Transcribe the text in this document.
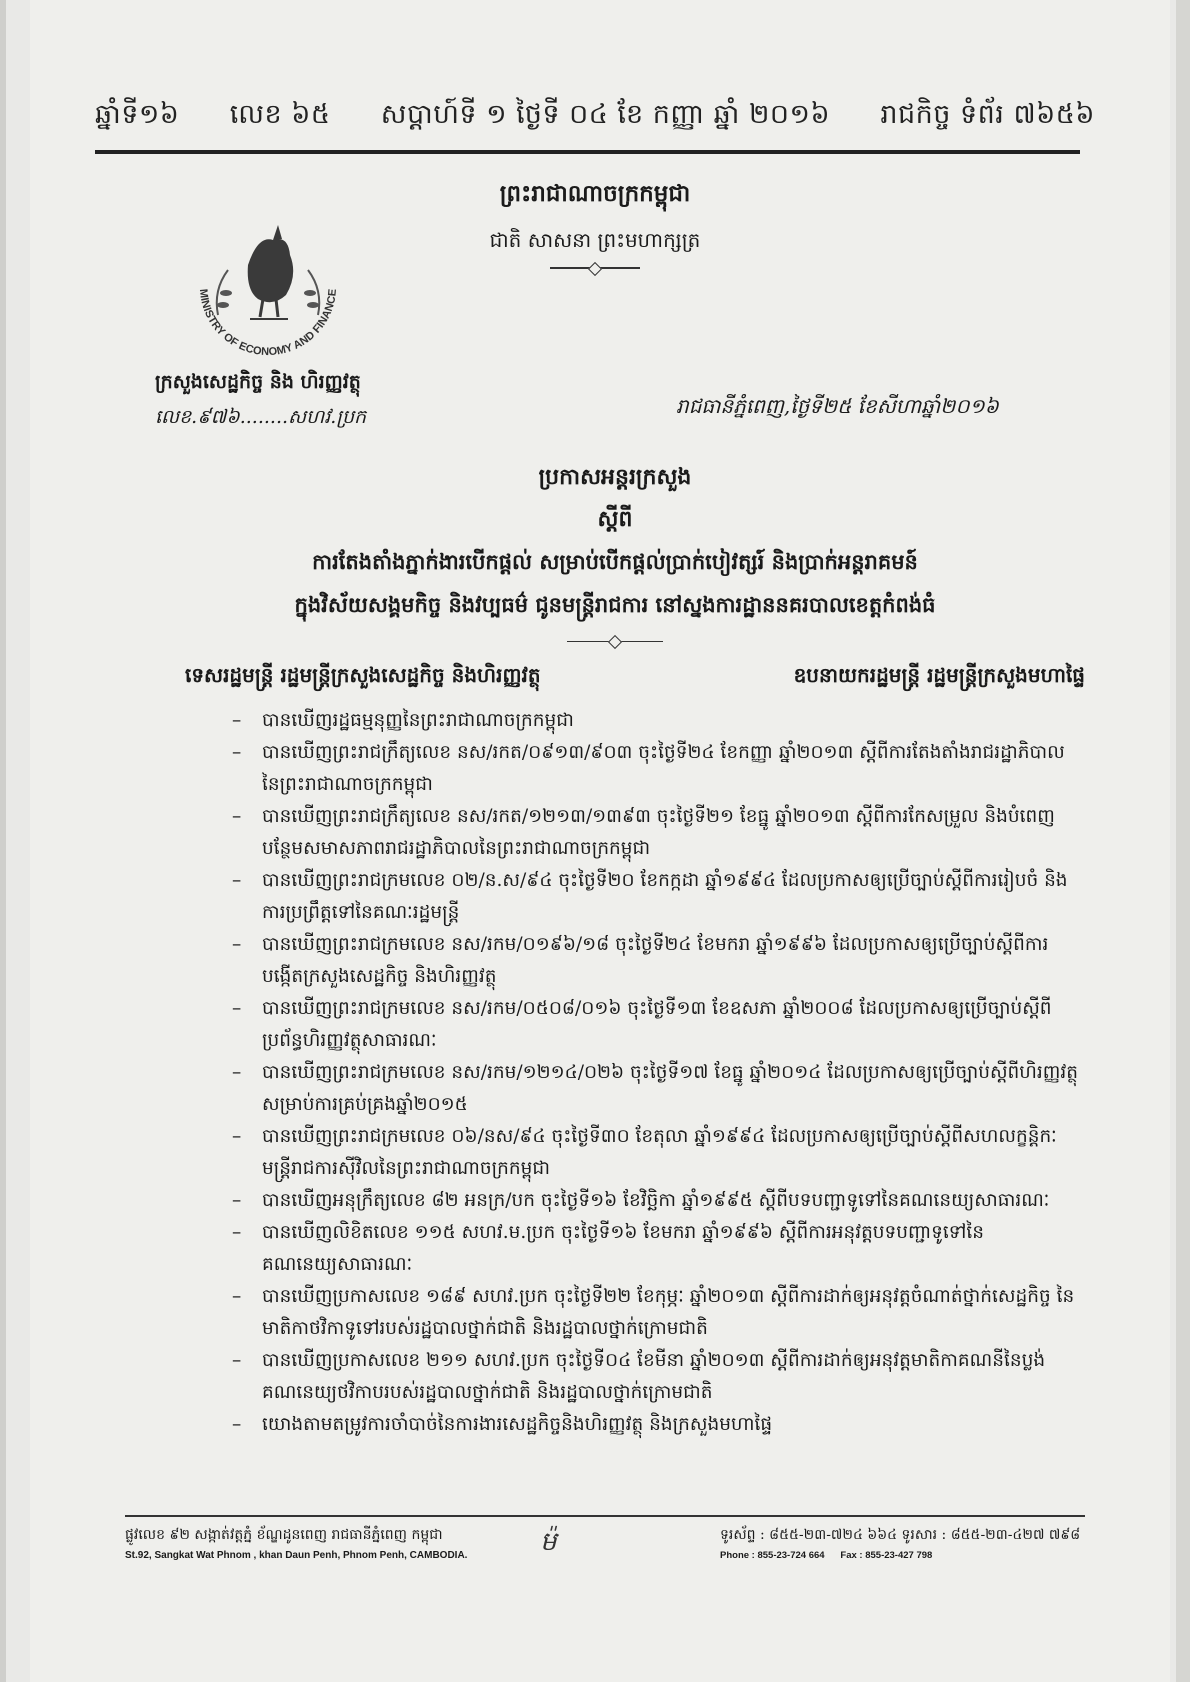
ឆ្នាំទី១៦ លេខ ៦៥ សប្តាហ៍ទី ១ ថ្ងៃទី ០៤ ខែ កញ្ញា ឆ្នាំ ២០១៦ រាជកិច្ច ទំព័រ ៧៦៥៦
ព្រះរាជាណាចក្រកម្ពុជា
ជាតិ សាសនា ព្រះមហាក្សត្រ
MINISTRY OF ECONOMY AND FINANCE
ក្រសួងសេដ្ឋកិច្ច និង ហិរញ្ញវត្ថុ
លេខ.៩៧៦........សហវ.ប្រក	រាជធានីភ្នំពេញ,ថ្ងៃទី២៥ ខែសីហាឆ្នាំ២០១៦
ប្រកាសអន្តរក្រសួង
ស្តីពី
ការតែងតាំងភ្នាក់ងារបើកផ្តល់ សម្រាប់បើកផ្តល់ប្រាក់បៀវត្សរ៍ និងប្រាក់អន្តរាគមន៍
ក្នុងវិស័យសង្គមកិច្ច និងវប្បធម៌ ជូនមន្ត្រីរាជការ នៅស្នងការដ្ឋាននគរបាលខេត្តកំពង់ធំ
ទេសរដ្ឋមន្ត្រី រដ្ឋមន្ត្រីក្រសួងសេដ្ឋកិច្ច និងហិរញ្ញវត្ថុ	ឧបនាយករដ្ឋមន្ត្រី រដ្ឋមន្ត្រីក្រសួងមហាផ្ទៃ
– បានឃើញរដ្ឋធម្មនុញ្ញនៃព្រះរាជាណាចក្រកម្ពុជា
– បានឃើញព្រះរាជក្រឹត្យលេខ នស/រកត/០៩១៣/៩០៣ ចុះថ្ងៃទី២៤ ខែកញ្ញា ឆ្នាំ២០១៣ ស្តីពីការតែងតាំងរាជរដ្ឋាភិបាល នៃព្រះរាជាណាចក្រកម្ពុជា
– បានឃើញព្រះរាជក្រឹត្យលេខ នស/រកត/១២១៣/១៣៩៣ ចុះថ្ងៃទី២១ ខែធ្នូ ឆ្នាំ២០១៣ ស្តីពីការកែសម្រួល និងបំពេញបន្ថែមសមាសភាពរាជរដ្ឋាភិបាលនៃព្រះរាជាណាចក្រកម្ពុជា
– បានឃើញព្រះរាជក្រមលេខ ០២/ន.ស/៩៤ ចុះថ្ងៃទី២០ ខែកក្កដា ឆ្នាំ១៩៩៤ ដែលប្រកាសឲ្យប្រើច្បាប់ស្តីពីការរៀបចំ និងការប្រព្រឹត្តទៅនៃគណៈរដ្ឋមន្ត្រី
– បានឃើញព្រះរាជក្រមលេខ នស/រកម/០១៩៦/១៨ ចុះថ្ងៃទី២៤ ខែមករា ឆ្នាំ១៩៩៦ ដែលប្រកាសឲ្យប្រើច្បាប់ស្តីពីការបង្កើតក្រសួងសេដ្ឋកិច្ច និងហិរញ្ញវត្ថុ
– បានឃើញព្រះរាជក្រមលេខ នស/រកម/០៥០៨/០១៦ ចុះថ្ងៃទី១៣ ខែឧសភា ឆ្នាំ២០០៨ ដែលប្រកាសឲ្យប្រើច្បាប់ស្តីពីប្រព័ន្ធហិរញ្ញវត្ថុសាធារណៈ
– បានឃើញព្រះរាជក្រមលេខ នស/រកម/១២១៤/០២៦ ចុះថ្ងៃទី១៧ ខែធ្នូ ឆ្នាំ២០១៤ ដែលប្រកាសឲ្យប្រើច្បាប់ស្តីពីហិរញ្ញវត្ថុសម្រាប់ការគ្រប់គ្រងឆ្នាំ២០១៥
– បានឃើញព្រះរាជក្រមលេខ ០៦/នស/៩៤ ចុះថ្ងៃទី៣០ ខែតុលា ឆ្នាំ១៩៩៤ ដែលប្រកាសឲ្យប្រើច្បាប់ស្តីពីសហលក្ខន្តិកៈ មន្ត្រីរាជការស៊ីវិលនៃព្រះរាជាណាចក្រកម្ពុជា
– បានឃើញអនុក្រឹត្យលេខ ៨២ អនក្រ/បក ចុះថ្ងៃទី១៦ ខែវិច្ឆិកា ឆ្នាំ១៩៩៥ ស្តីពីបទបញ្ជាទូទៅនៃគណនេយ្យសាធារណៈ
– បានឃើញលិខិតលេខ ១១៥ សហវ.ម.ប្រក ចុះថ្ងៃទី១៦ ខែមករា ឆ្នាំ១៩៩៦ ស្តីពីការអនុវត្តបទបញ្ជាទូទៅនៃគណនេយ្យសាធារណៈ
– បានឃើញប្រកាសលេខ ១៨៩ សហវ.ប្រក ចុះថ្ងៃទី២២ ខែកុម្ភៈ ឆ្នាំ២០១៣ ស្តីពីការដាក់ឲ្យអនុវត្តចំណាត់ថ្នាក់សេដ្ឋកិច្ច នៃមាតិកាថវិកាទូទៅរបស់រដ្ឋបាលថ្នាក់ជាតិ និងរដ្ឋបាលថ្នាក់ក្រោមជាតិ
– បានឃើញប្រកាសលេខ ២១១ សហវ.ប្រក ចុះថ្ងៃទី០៤ ខែមីនា ឆ្នាំ២០១៣ ស្តីពីការដាក់ឲ្យអនុវត្តមាតិកាគណនីនៃប្លង់គណនេយ្យថវិកាបរបស់រដ្ឋបាលថ្នាក់ជាតិ និងរដ្ឋបាលថ្នាក់ក្រោមជាតិ
– យោងតាមតម្រូវការចាំបាច់នៃការងារសេដ្ឋកិច្ចនិងហិរញ្ញវត្ថុ និងក្រសួងមហាផ្ទៃ
ផ្លូវលេខ ៩២ សង្កាត់វត្តភ្នំ ខ័ណ្ឌដូនពេញ រាជធានីភ្នំពេញ កម្ពុជា
St.92, Sangkat Wat Phnom , khan Daun Penh, Phnom Penh, CAMBODIA.	ម៉	ទូរស័ព្ទ : ៨៥៥-២៣-៧២៤ ៦៦៤ ទូរសារ : ៨៥៥-២៣-៤២៧ ៧៩៨
Phone : 855-23-724 664 Fax : 855-23-427 798
